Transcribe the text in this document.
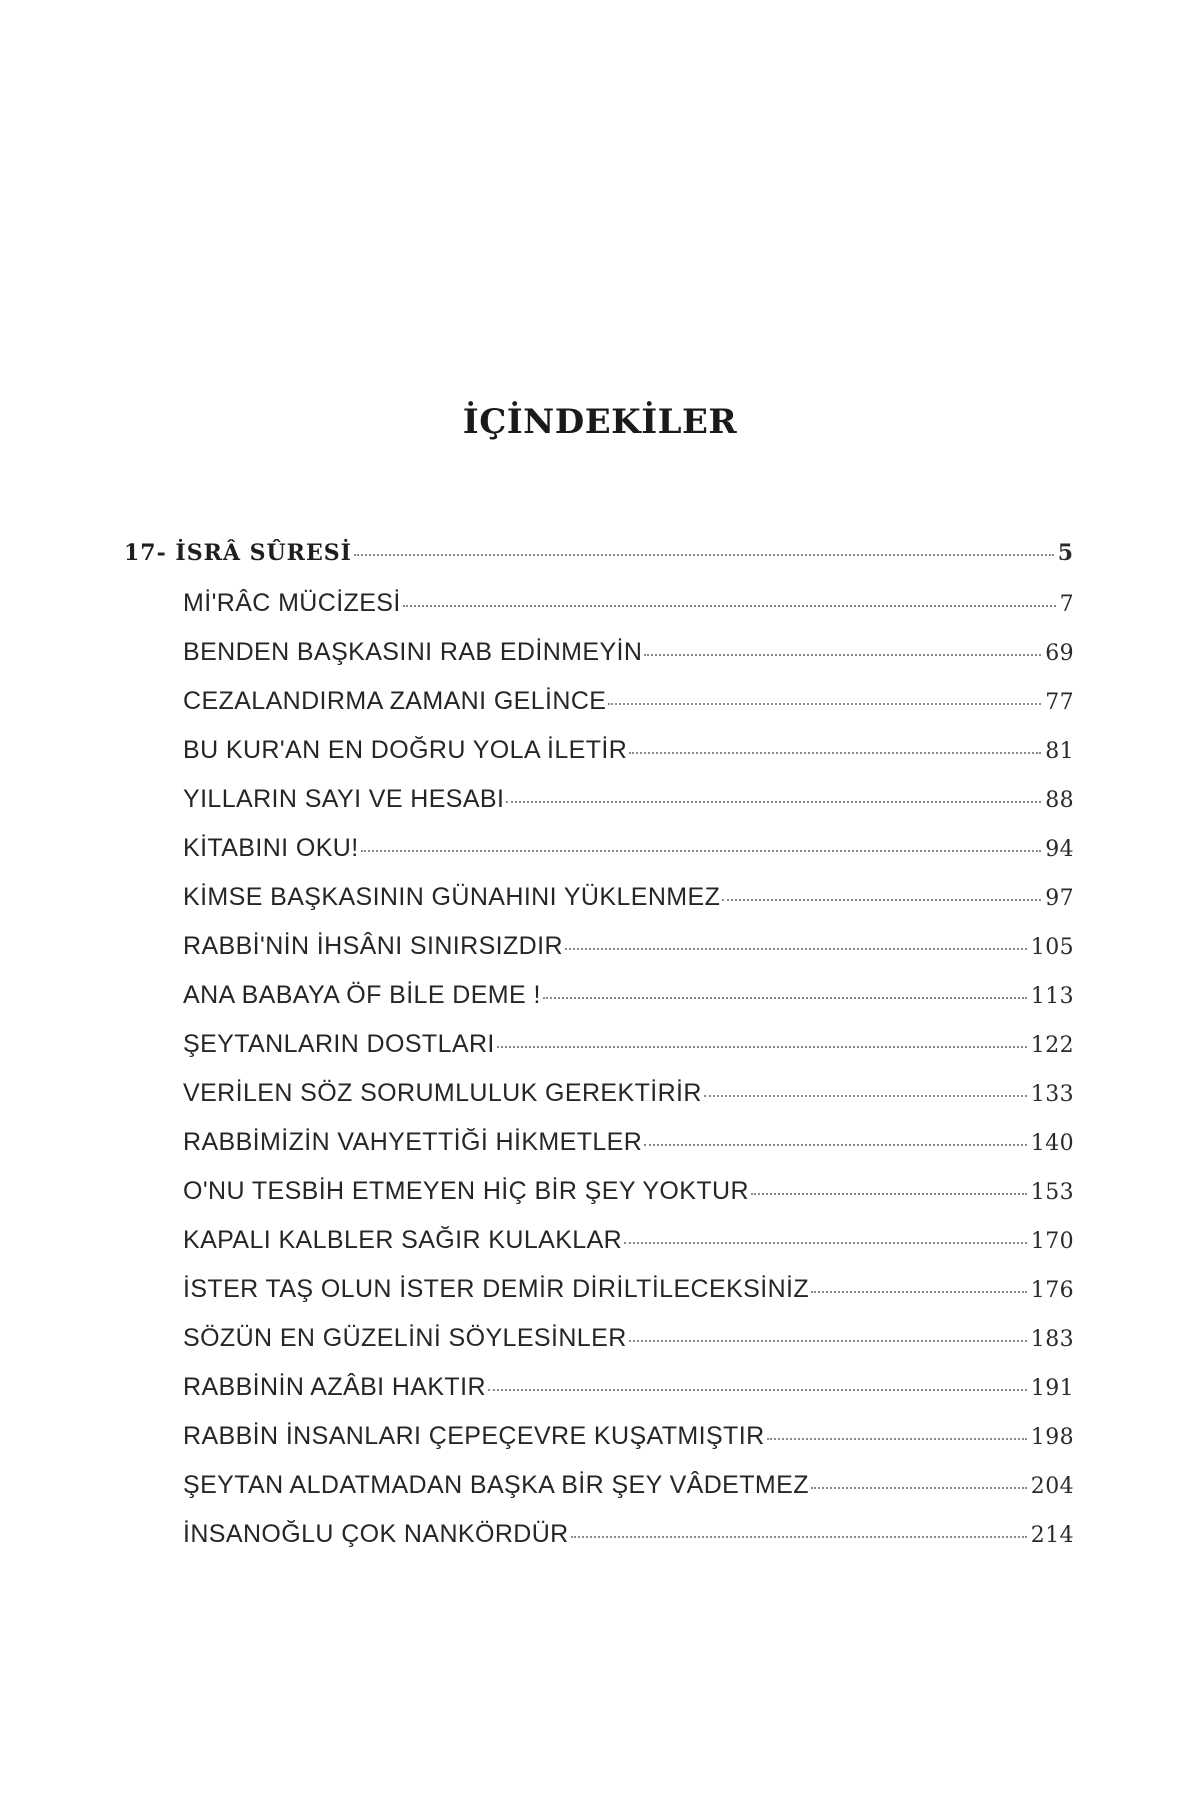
İÇİNDEKİLER
17- İSRÂ SÛRESİ	5
Mİ'RÂC MÜCİZESİ	7
BENDEN BAŞKASINI RAB EDİNMEYİN	69
CEZALANDIRMA ZAMANI GELİNCE	77
BU KUR'AN EN DOĞRU YOLA İLETİR	81
YILLARIN SAYI VE HESABI	88
KİTABINI OKU!	94
KİMSE BAŞKASININ GÜNAHINI YÜKLENMEZ	97
RABBİ'NİN İHSÂNI SINIRSIZDIR	105
ANA BABAYA ÖF BİLE DEME !	113
ŞEYTANLARIN DOSTLARI	122
VERİLEN SÖZ SORUMLULUK GEREKTİRİR	133
RABBİMİZİN VAHYETTİĞİ HİKMETLER	140
O'NU TESBİH ETMEYEN HİÇ BİR ŞEY YOKTUR	153
KAPALI KALBLER SAĞIR KULAKLAR	170
İSTER TAŞ OLUN İSTER DEMİR DİRİLTİLECEKSİNİZ	176
SÖZÜN EN GÜZELİNİ SÖYLESİNLER	183
RABBİNİN AZÂBI HAKTIR	191
RABBİN İNSANLARI ÇEPEÇEVRE KUŞATMIŞTIR	198
ŞEYTAN ALDATMADAN BAŞKA BİR ŞEY VÂDETMEZ	204
İNSANOĞLU ÇOK NANKÖRDÜR	214
